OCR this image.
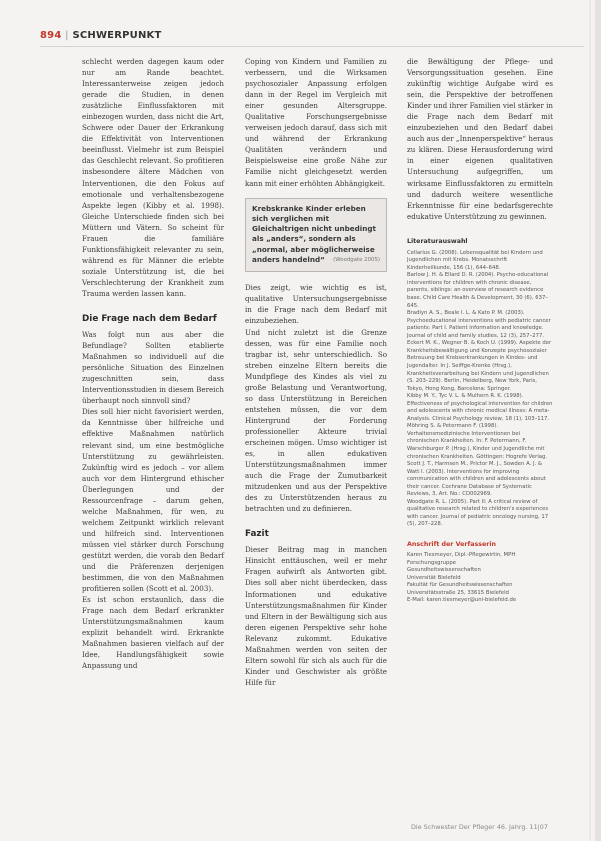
894 | SCHWERPUNKT

schlecht werden dagegen kaum oder nur am Rande beachtet. Interessanterweise zeigen jedoch gerade die Studien, in denen zusätzliche Einflussfaktoren mit einbezogen wurden, dass nicht die Art, Schwere oder Dauer der Erkrankung die Effektivität von Interventionen beeinflusst. Vielmehr ist zum Beispiel das Geschlecht relevant. So profitieren insbesondere ältere Mädchen von Interventionen, die den Fokus auf emotionale und verhaltensbezogene Aspekte legen (Kibby et al. 1998). Gleiche Unterschiede finden sich bei Müttern und Vätern. So scheint für Frauen die familiäre Funktionsfähigkeit relevanter zu sein, während es für Männer die erlebte soziale Unterstützung ist, die bei Verschlechterung der Krankheit zum Trauma werden lassen kann.

Die Frage nach dem Bedarf

Was folgt nun aus aber die Befundlage? Sollten etablierte Maßnahmen so individuell auf die persönliche Situation des Einzelnen zugeschnitten sein, dass Interventionsstudien in diesem Bereich überhaupt noch sinnvoll sind?

Dies soll hier nicht favorisiert werden, da Kenntnisse über hilfreiche und effektive Maßnahmen natürlich relevant sind, um eine bestmögliche Unterstützung zu gewährleisten. Zukünftig wird es jedoch – vor allem auch vor dem Hintergrund ethischer Überlegungen und der Ressourcenfrage – darum gehen, welche Maßnahmen, für wen, zu welchem Zeitpunkt wirklich relevant und hilfreich sind. Interventionen müssen viel stärker durch Forschung gestützt werden, die vorab den Bedarf und die Präferenzen derjenigen bestimmen, die von den Maßnahmen profitieren sollen (Scott et al. 2003).

Es ist schon erstaunlich, dass die Frage nach dem Bedarf erkrankter Unterstützungsmaßnahmen kaum explizit behandelt wird. Erkrankte Maßnahmen basieren vielfach auf der Idee, Handlungsfähigkeit sowie Anpassung und

Coping von Kindern und Familien zu verbessern, und die Wirksamen psychosozialer Anpassung erfolgen dann in der Regel im Vergleich mit einer gesunden Altersgruppe. Qualitative Forschungsergebnisse verweisen jedoch darauf, dass sich mit und während der Erkrankung Qualitäten verändern und Beispielsweise eine große Nähe zur Familie nicht gleichgesetzt werden kann mit einer erhöhten Abhängigkeit.

Krebskranke Kinder erleben sich verglichen mit Gleichaltrigen nicht unbedingt als „anders“, sondern als „normal, aber möglicherweise anders handelnd“ (Woodgate 2005)

Dies zeigt, wie wichtig es ist, qualitative Untersuchungsergebnisse in die Frage nach dem Bedarf mit einzubeziehen.

Und nicht zuletzt ist die Grenze dessen, was für eine Familie noch tragbar ist, sehr unterschiedlich. So streben einzelne Eltern bereits die Mundpflege des Kindes als viel zu große Belastung und Verantwortung, so dass Unterstützung in Bereichen entstehen müssen, die vor dem Hintergrund der Forderung professioneller Akteure trivial erscheinen mögen. Umso wichtiger ist es, in allen edukativen Unterstützungsmaßnahmen immer auch die Frage der Zumutbarkeit mitzudenken und aus der Perspektive des zu Unterstützenden heraus zu betrachten und zu definieren.

Fazit

Dieser Beitrag mag in manchen Hinsicht enttäuschen, weil er mehr Fragen aufwirft als Antworten gibt. Dies soll aber nicht überdecken, dass Informationen und edukative Unterstützungsmaßnahmen für Kinder und Eltern in der Bewältigung sich aus deren eigenen Perspektive sehr hohe Relevanz zukommt. Edukative Maßnahmen werden von seiten der Eltern sowohl für sich als auch für die Kinder und Geschwister als größte Hilfe für

die Bewältigung der Pflege- und Versorgungssituation gesehen. Eine zukünftig wichtige Aufgabe wird es sein, die Perspektive der betroffenen Kinder und ihrer Familien viel stärker in die Frage nach dem Bedarf mit einzubeziehen und den Bedarf dabei auch aus der „Innenperspektive“ heraus zu klären. Diese Herausforderung wird in einer eigenen qualitativen Untersuchung aufgegriffen, um wirksame Einflussfaktoren zu ermitteln und dadurch weitere wesentliche Erkenntnisse für eine bedarfsgerechte edukative Unterstützung zu gewinnen.

Literaturauswahl

Cellarius G. (2008). Lebensqualität bei Kindern und Jugendlichen mit Krebs. Monatsschrift Kinderheilkunde, 156 (1), 644–648.

Barlow J. H. & Ellard D. R. (2004). Psycho-educational interventions for children with chronic disease, parents, siblings: an overview of research evidence base. Child Care Health & Development, 30 (6), 637–645.

Bradlyn A. S., Beale I. L. & Kato P. M. (2003). Psychoeducational interventions with pediatric cancer patients: Part I. Patient information and knowledge. Journal of child and family studies, 12 (3), 257–277.

Eckert M. K., Wegner B. & Koch U. (1999). Aspekte der Krankheitsbewältigung und Konzepte psychosozialer Betreuung bei Krebserkrankungen in Kindes- und Jugendalter. In J. Seiffge-Krenke (Hrsg.), Krankheitsverarbeitung bei Kindern und Jugendlichen (S. 203–229). Berlin, Heidelberg, New York, Paris, Tokyo, Hong Kong, Barcelona: Springer.

Kibby M. Y., Tyc V. L. & Mulhern R. K. (1998). Effectiveness of psychological intervention for children and adolescents with chronic medical illness: A meta-Analysis. Clinical Psychology review, 18 (1), 103–117.

Möhring S. & Petermann F. (1998). Verhaltensmedizinische Interventionen bei chronischen Krankheiten. In: F. Petermann, F. Warschburger P. (Hrsg.), Kinder und Jugendliche mit chronischen Krankheiten. Göttingen: Hogrefe Verlag.

Scott J. T., Harmsen M., Prictor M. J., Sowden A. J. & Watt I. (2003). Interventions for improving communication with children and adolescents about their cancer. Cochrane Database of Systematic Reviews, 3, Art. No.: CD002969.

Woodgate R. L. (2005). Part II: A critical review of qualitative research related to children's experiences with cancer. Journal of pediatric oncology nursing, 17 (5), 207–228.

Anschrift der Verfasserin

Karen Tiesmeyer, Dipl.-Pflegewirtin, MPH

Forschungsgruppe

Gesundheitswissenschaften

Universität Bielefeld

Fakultät für Gesundheitswissenschaften

Universitätsstraße 25, 33615 Bielefeld

E-Mail: karen.tiesmeyer@uni-bielefeld.de

Die Schwester Der Pfleger 46. Jahrg. 11|07
